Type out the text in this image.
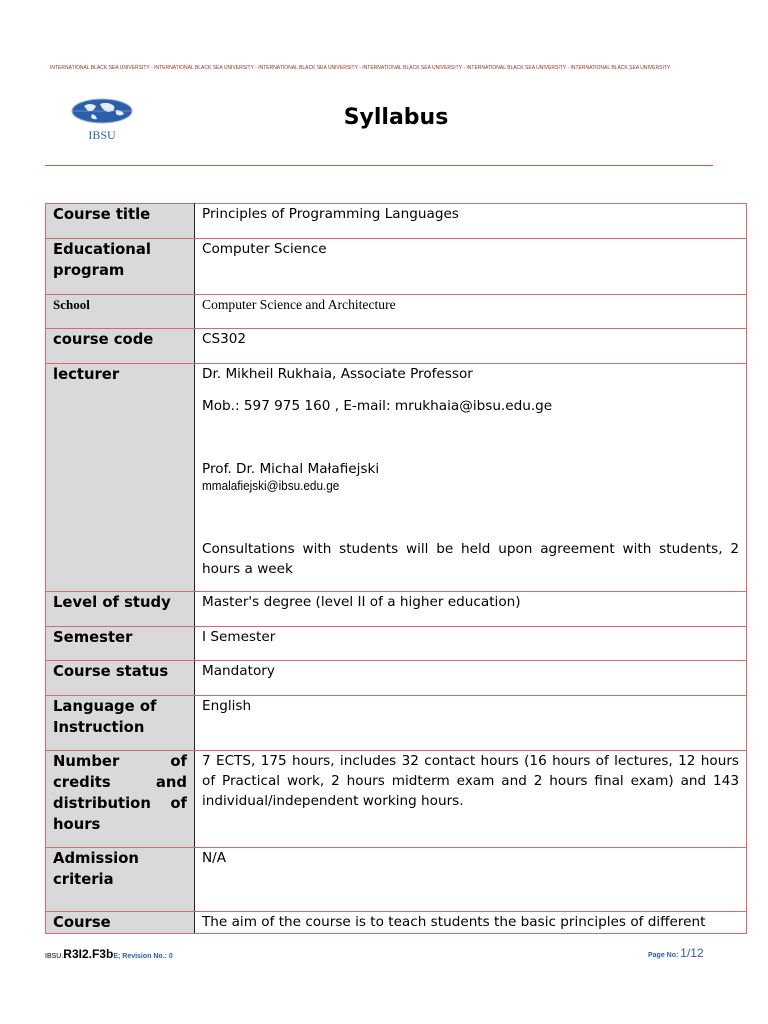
INTERNATIONAL BLACK SEA UNIVERSITY - INTERNATIONAL BLACK SEA UNIVERSITY - INTERNATIONAL BLACK SEA UNIVERSITY - INTERNATIONAL BLACK SEA UNIVERSITY - INTERNATIONAL BLACK SEA UNIVERSITY - INTERNATIONAL BLACK SEA UNIVERSITY
IBSU
Syllabus
Course title	Principles of Programming Languages
Educational program	Computer Science
School	Computer Science and Architecture
course code	CS302
lecturer	Dr. Mikheil Rukhaia, Associate Professor
Mob.: 597 975 160 , E-mail: mrukhaia@ibsu.edu.ge
Prof. Dr. Michal Małafiejski
mmalafiejski@ibsu.edu.ge
Consultations with students will be held upon agreement with students, 2 hours a week

Level of study	Master's degree (level II of a higher education)
Semester	I Semester
Course status	Mandatory
Language of Instruction	English
Number of credits and distribution of hours	7 ECTS, 175 hours, includes 32 contact hours (16 hours of lectures, 12 hours of Practical work, 2 hours midterm exam and 2 hours final exam) and 143 individual/independent working hours.
Admission criteria	N/A
Course	The aim of the course is to teach students the basic principles of different
IBSU.R3I2.F3bE; Revision No.: 0	Page No: 1/12
